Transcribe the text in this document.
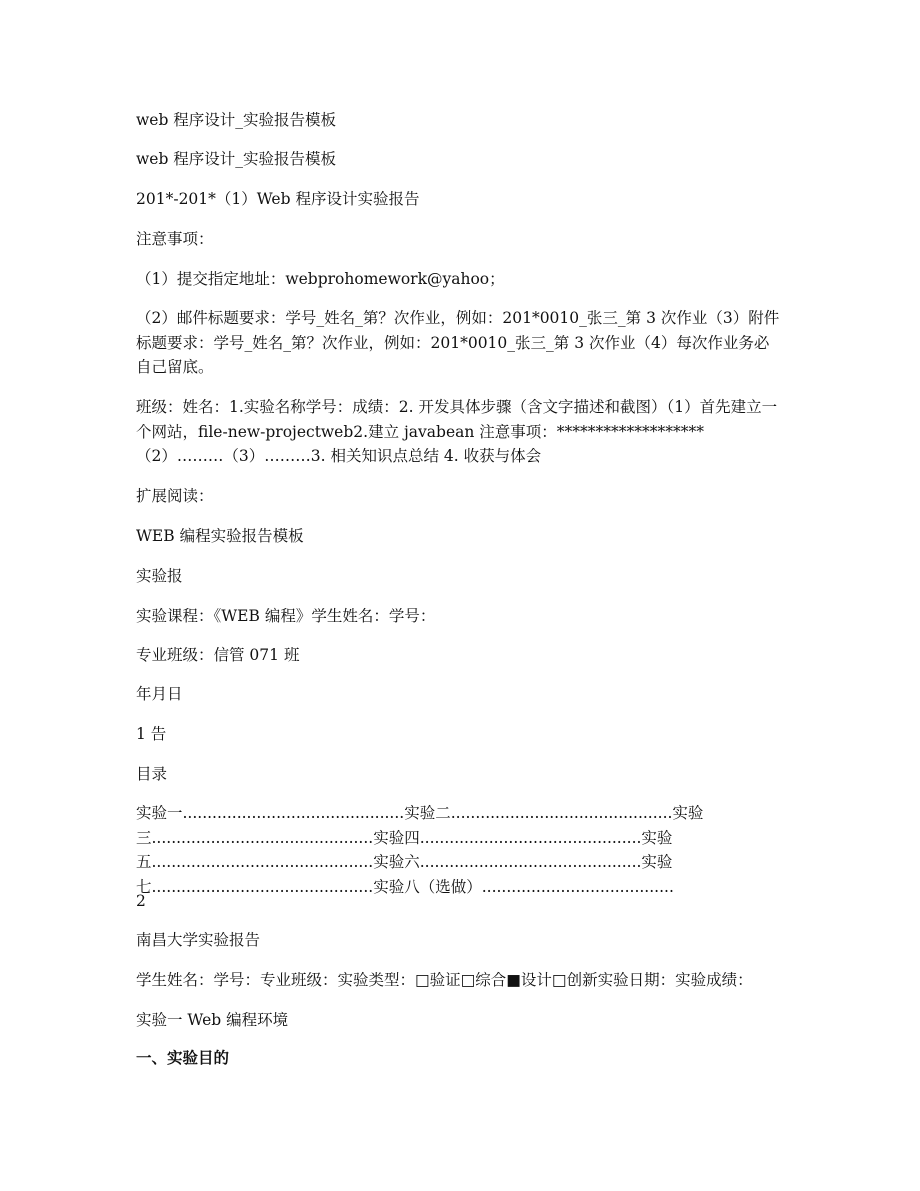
web 程序设计_实验报告模板
web 程序设计_实验报告模板
201*-201*（1）Web 程序设计实验报告
注意事项：
（1）提交指定地址：webprohomework@yahoo；
（2）邮件标题要求：学号_姓名_第？次作业，例如：201*0010_张三_第 3 次作业（3）附件标题要求：学号_姓名_第？次作业，例如：201*0010_张三_第 3 次作业（4）每次作业务必自己留底。
班级：姓名：1.实验名称学号：成绩：2. 开发具体步骤（含文字描述和截图）（1）首先建立一个网站，file-new-projectweb2.建立 javabean 注意事项：******************* （2）………（3）………3. 相关知识点总结 4. 收获与体会
扩展阅读：
WEB 编程实验报告模板
实验报
实验课程：《WEB 编程》学生姓名：学号：
专业班级：信管 071 班
年月日
1 告
目录
实验一.............................................实验二.............................................实验三.............................................实验四.............................................实验五.............................................实验六.............................................实验七.............................................实验八（选做）.......................................
2
南昌大学实验报告
学生姓名：学号：专业班级：实验类型：□验证□综合■设计□创新实验日期：实验成绩：
实验一 Web 编程环境
一、实验目的
